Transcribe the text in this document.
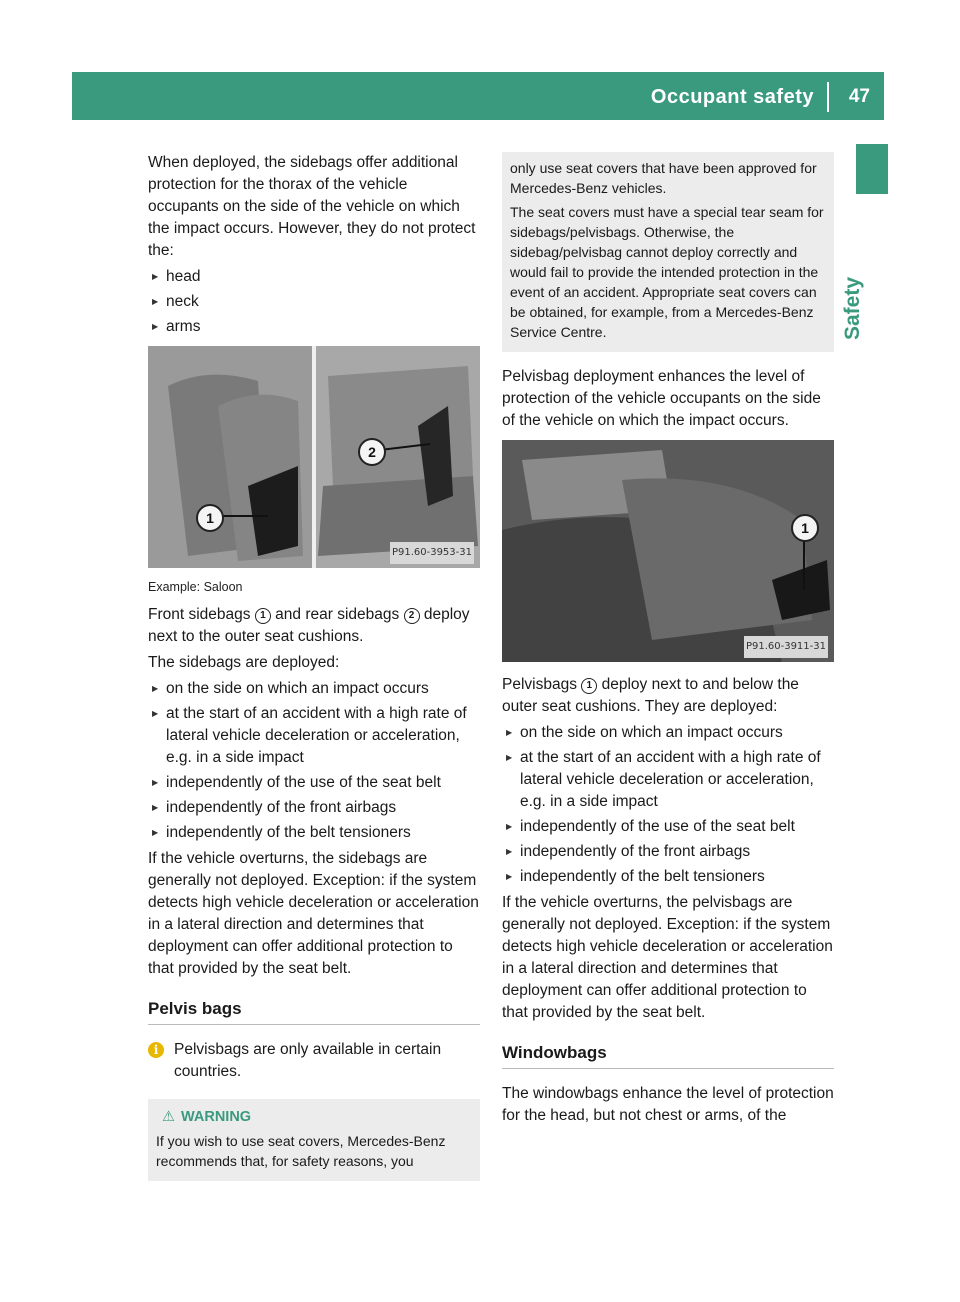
Occupant safety 47
Safety

When deployed, the sidebags offer additional protection for the thorax of the vehicle occupants on the side of the vehicle on which the impact occurs. However, they do not protect the:

▶ head
▶ neck
▶ arms
1
2
P91.60-3953-31
Example: Saloon

Front sidebags 1 and rear sidebags 2 deploy next to the outer seat cushions.

The sidebags are deployed:

▶ on the side on which an impact occurs
▶ at the start of an accident with a high rate of lateral vehicle deceleration or acceleration, e.g. in a side impact
▶ independently of the use of the seat belt
▶ independently of the front airbags
▶ independently of the belt tensioners

If the vehicle overturns, the sidebags are generally not deployed. Exception: if the system detects high vehicle deceleration or acceleration in a lateral direction and determines that deployment can offer additional protection to that provided by the seat belt.

Pelvis bags
i	Pelvisbags are only available in certain countries.
⚠ WARNING
If you wish to use seat covers, Mercedes-Benz recommends that, for safety reasons, you

only use seat covers that have been approved for Mercedes-Benz vehicles.

The seat covers must have a special tear seam for sidebags/pelvisbags. Otherwise, the sidebag/pelvisbag cannot deploy correctly and would fail to provide the intended protection in the event of an accident. Appropriate seat covers can be obtained, for example, from a Mercedes-Benz Service Centre.

Pelvisbag deployment enhances the level of protection of the vehicle occupants on the side of the vehicle on which the impact occurs.

1
P91.60-3911-31

Pelvisbags 1 deploy next to and below the outer seat cushions. They are deployed:

▶ on the side on which an impact occurs
▶ at the start of an accident with a high rate of lateral vehicle deceleration or acceleration, e.g. in a side impact
▶ independently of the use of the seat belt
▶ independently of the front airbags
▶ independently of the belt tensioners

If the vehicle overturns, the pelvisbags are generally not deployed. Exception: if the system detects high vehicle deceleration or acceleration in a lateral direction and determines that deployment can offer additional protection to that provided by the seat belt.

Windowbags

The windowbags enhance the level of protection for the head, but not chest or arms, of the
